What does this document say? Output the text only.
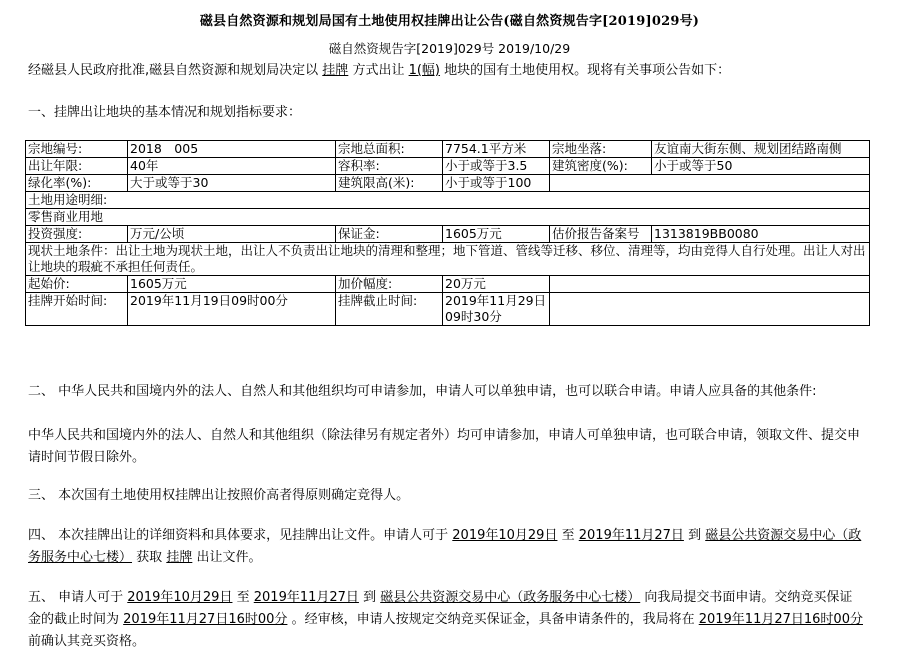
磁县自然资源和规划局国有土地使用权挂牌出让公告(磁自然资规告字[2019]029号)
磁自然资规告字[2019]029号 2019/10/29
经磁县人民政府批准,磁县自然资源和规划局决定以 挂牌 方式出让 1(幅) 地块的国有土地使用权。现将有关事项公告如下：
一、挂牌出让地块的基本情况和规划指标要求：
宗地编号:	2018　005	宗地总面积:	7754.1平方米	宗地坐落:	友谊南大街东侧、规划团结路南侧
出让年限:	40年	容积率:	小于或等于3.5	建筑密度(%):	小于或等于50
绿化率(%):	大于或等于30	建筑限高(米):	小于或等于100		
土地用途明细:					
零售商业用地					
投资强度:	万元/公顷	保证金:	1605万元	估价报告备案号	1313819BB0080
现状土地条件：出让土地为现状土地，出让人不负责出让地块的清理和整理；地下管道、管线等迁移、移位、清理等，均由竞得人自行处理。出让人对出让地块的瑕疵不承担任何责任。					
起始价:	1605万元	加价幅度:	20万元		
挂牌开始时间:	2019年11月19日09时00分	挂牌截止时间:	2019年11月29日09时30分		
二、 中华人民共和国境内外的法人、自然人和其他组织均可申请参加，申请人可以单独申请，也可以联合申请。申请人应具备的其他条件:
中华人民共和国境内外的法人、自然人和其他组织（除法律另有规定者外）均可申请参加，申请人可单独申请，也可联合申请，领取文件、提交申请时间节假日除外。
三、 本次国有土地使用权挂牌出让按照价高者得原则确定竞得人。
四、 本次挂牌出让的详细资料和具体要求，见挂牌出让文件。申请人可于 2019年10月29日 至 2019年11月27日 到 磁县公共资源交易中心（政务服务中心七楼） 获取 挂牌 出让文件。
五、 申请人可于 2019年10月29日 至 2019年11月27日 到 磁县公共资源交易中心（政务服务中心七楼） 向我局提交书面申请。交纳竞买保证金的截止时间为 2019年11月27日16时00分 。经审核，申请人按规定交纳竞买保证金，具备申请条件的，我局将在 2019年11月27日16时00分 前确认其竞买资格。
